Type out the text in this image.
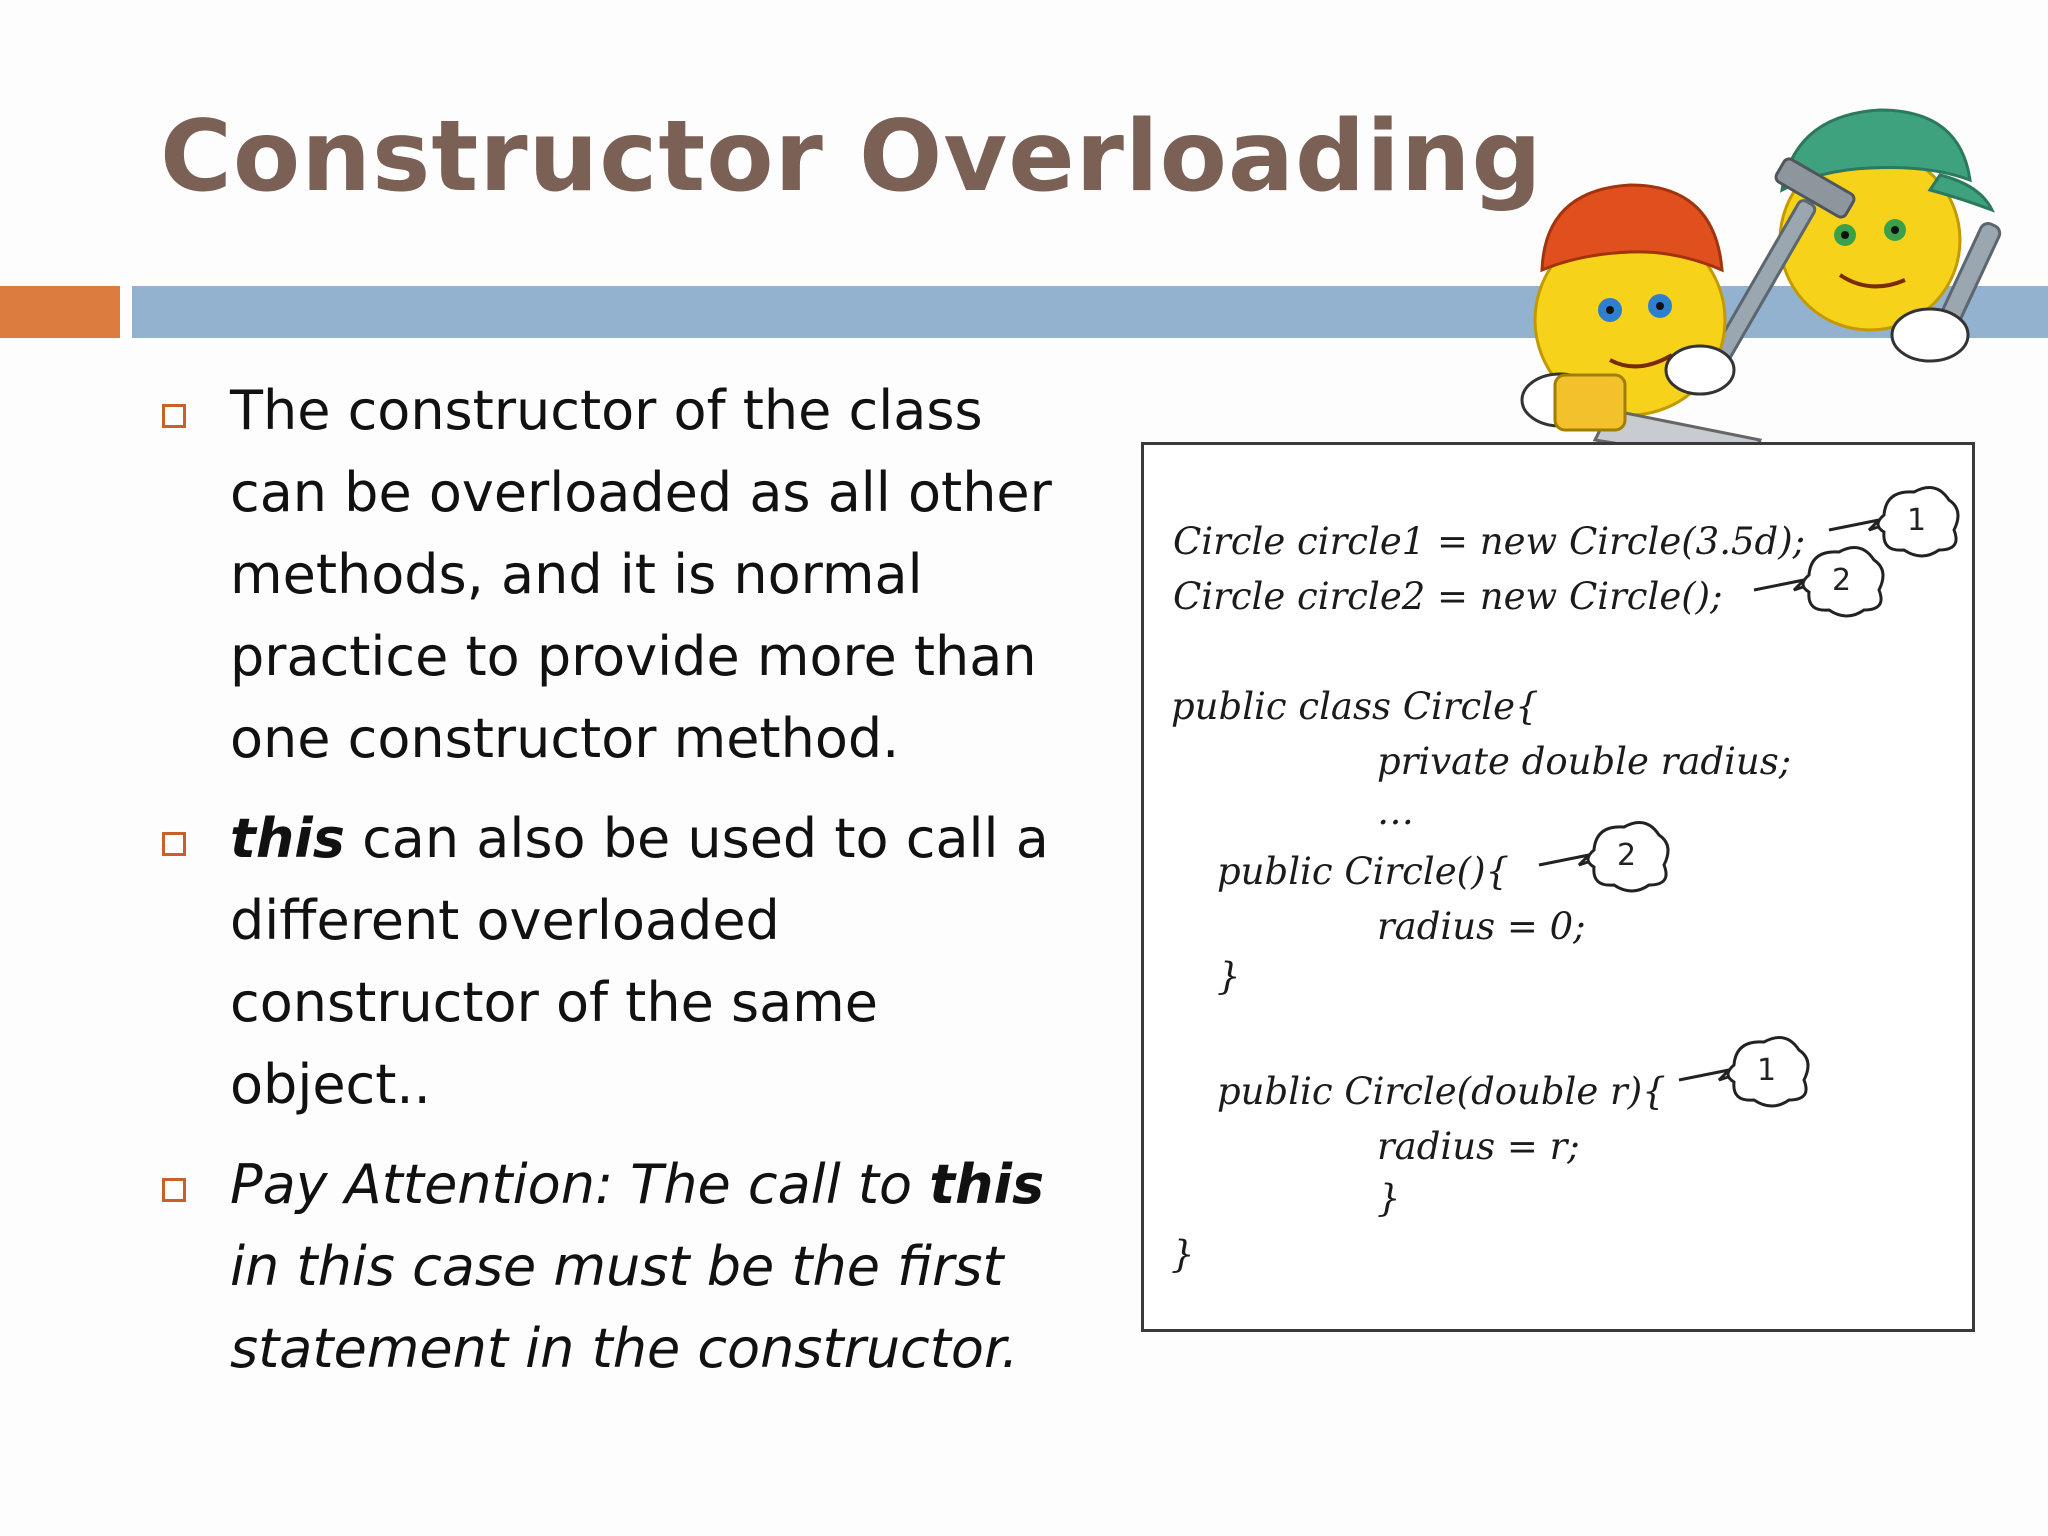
Constructor Overloading
The constructor of the class can be overloaded as all other methods, and it is normal practice to provide more than one constructor method.
this can also be used to call a different overloaded constructor of the same object..
Pay Attention: The call to this in this case must be the first statement in the constructor.
Circle circle1 = new Circle(3.5d);
Circle circle2 = new Circle();
public class Circle{
private double radius;
…
public Circle(){
radius = 0;
}
public Circle(double r){
radius = r;
}
}
1
2
2
1
